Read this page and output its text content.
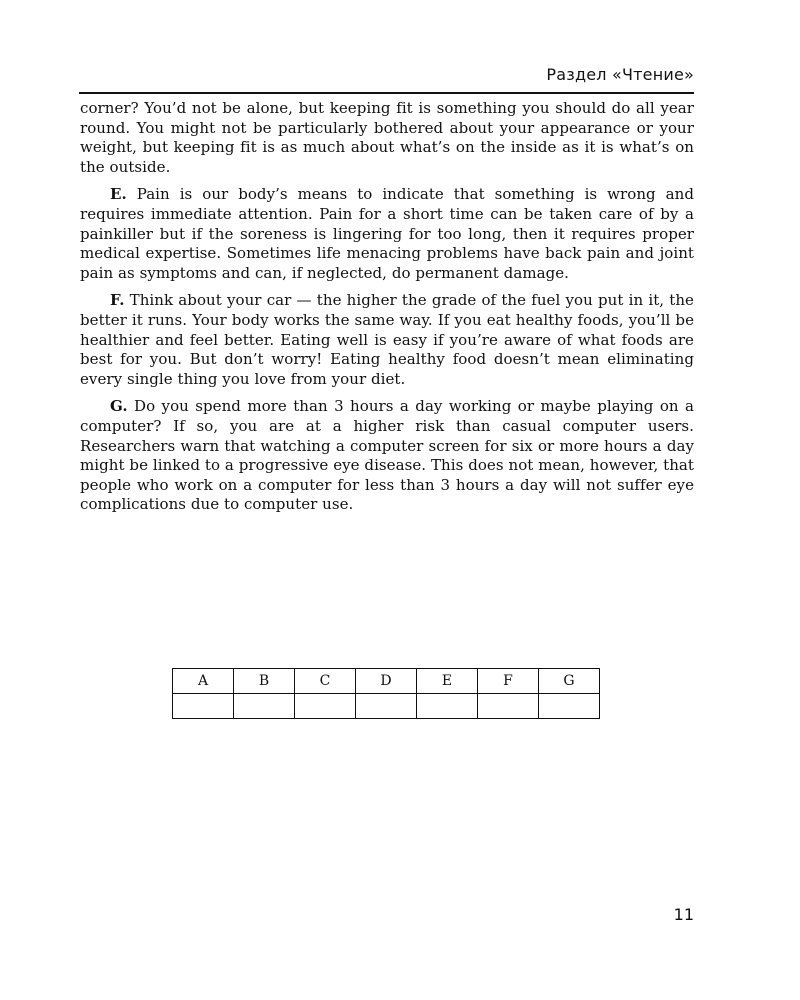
Раздел «Чтение»

corner? You’d not be alone, but keeping fit is something you should do all year round. You might not be particularly bothered about your appearance or your weight, but keeping fit is as much about what’s on the inside as it is what’s on the outside.

E. Pain is our body’s means to indicate that something is wrong and requires immediate attention. Pain for a short time can be taken care of by a painkiller but if the soreness is lingering for too long, then it requires proper medical expertise. Sometimes life menacing problems have back pain and joint pain as symptoms and can, if neglected, do permanent damage.

F. Think about your car — the higher the grade of the fuel you put in it, the better it runs. Your body works the same way. If you eat healthy foods, you’ll be healthier and feel better. Eating well is easy if you’re aware of what foods are best for you. But don’t worry! Eating healthy food doesn’t mean eliminating every single thing you love from your diet.

G. Do you spend more than 3 hours a day working or maybe playing on a computer? If so, you are at a higher risk than casual computer users. Researchers warn that watching a computer screen for six or more hours a day might be linked to a progressive eye disease. This does not mean, however, that people who work on a computer for less than 3 hours a day will not suffer eye complications due to computer use.

A	B	C	D	E	F	G

11
